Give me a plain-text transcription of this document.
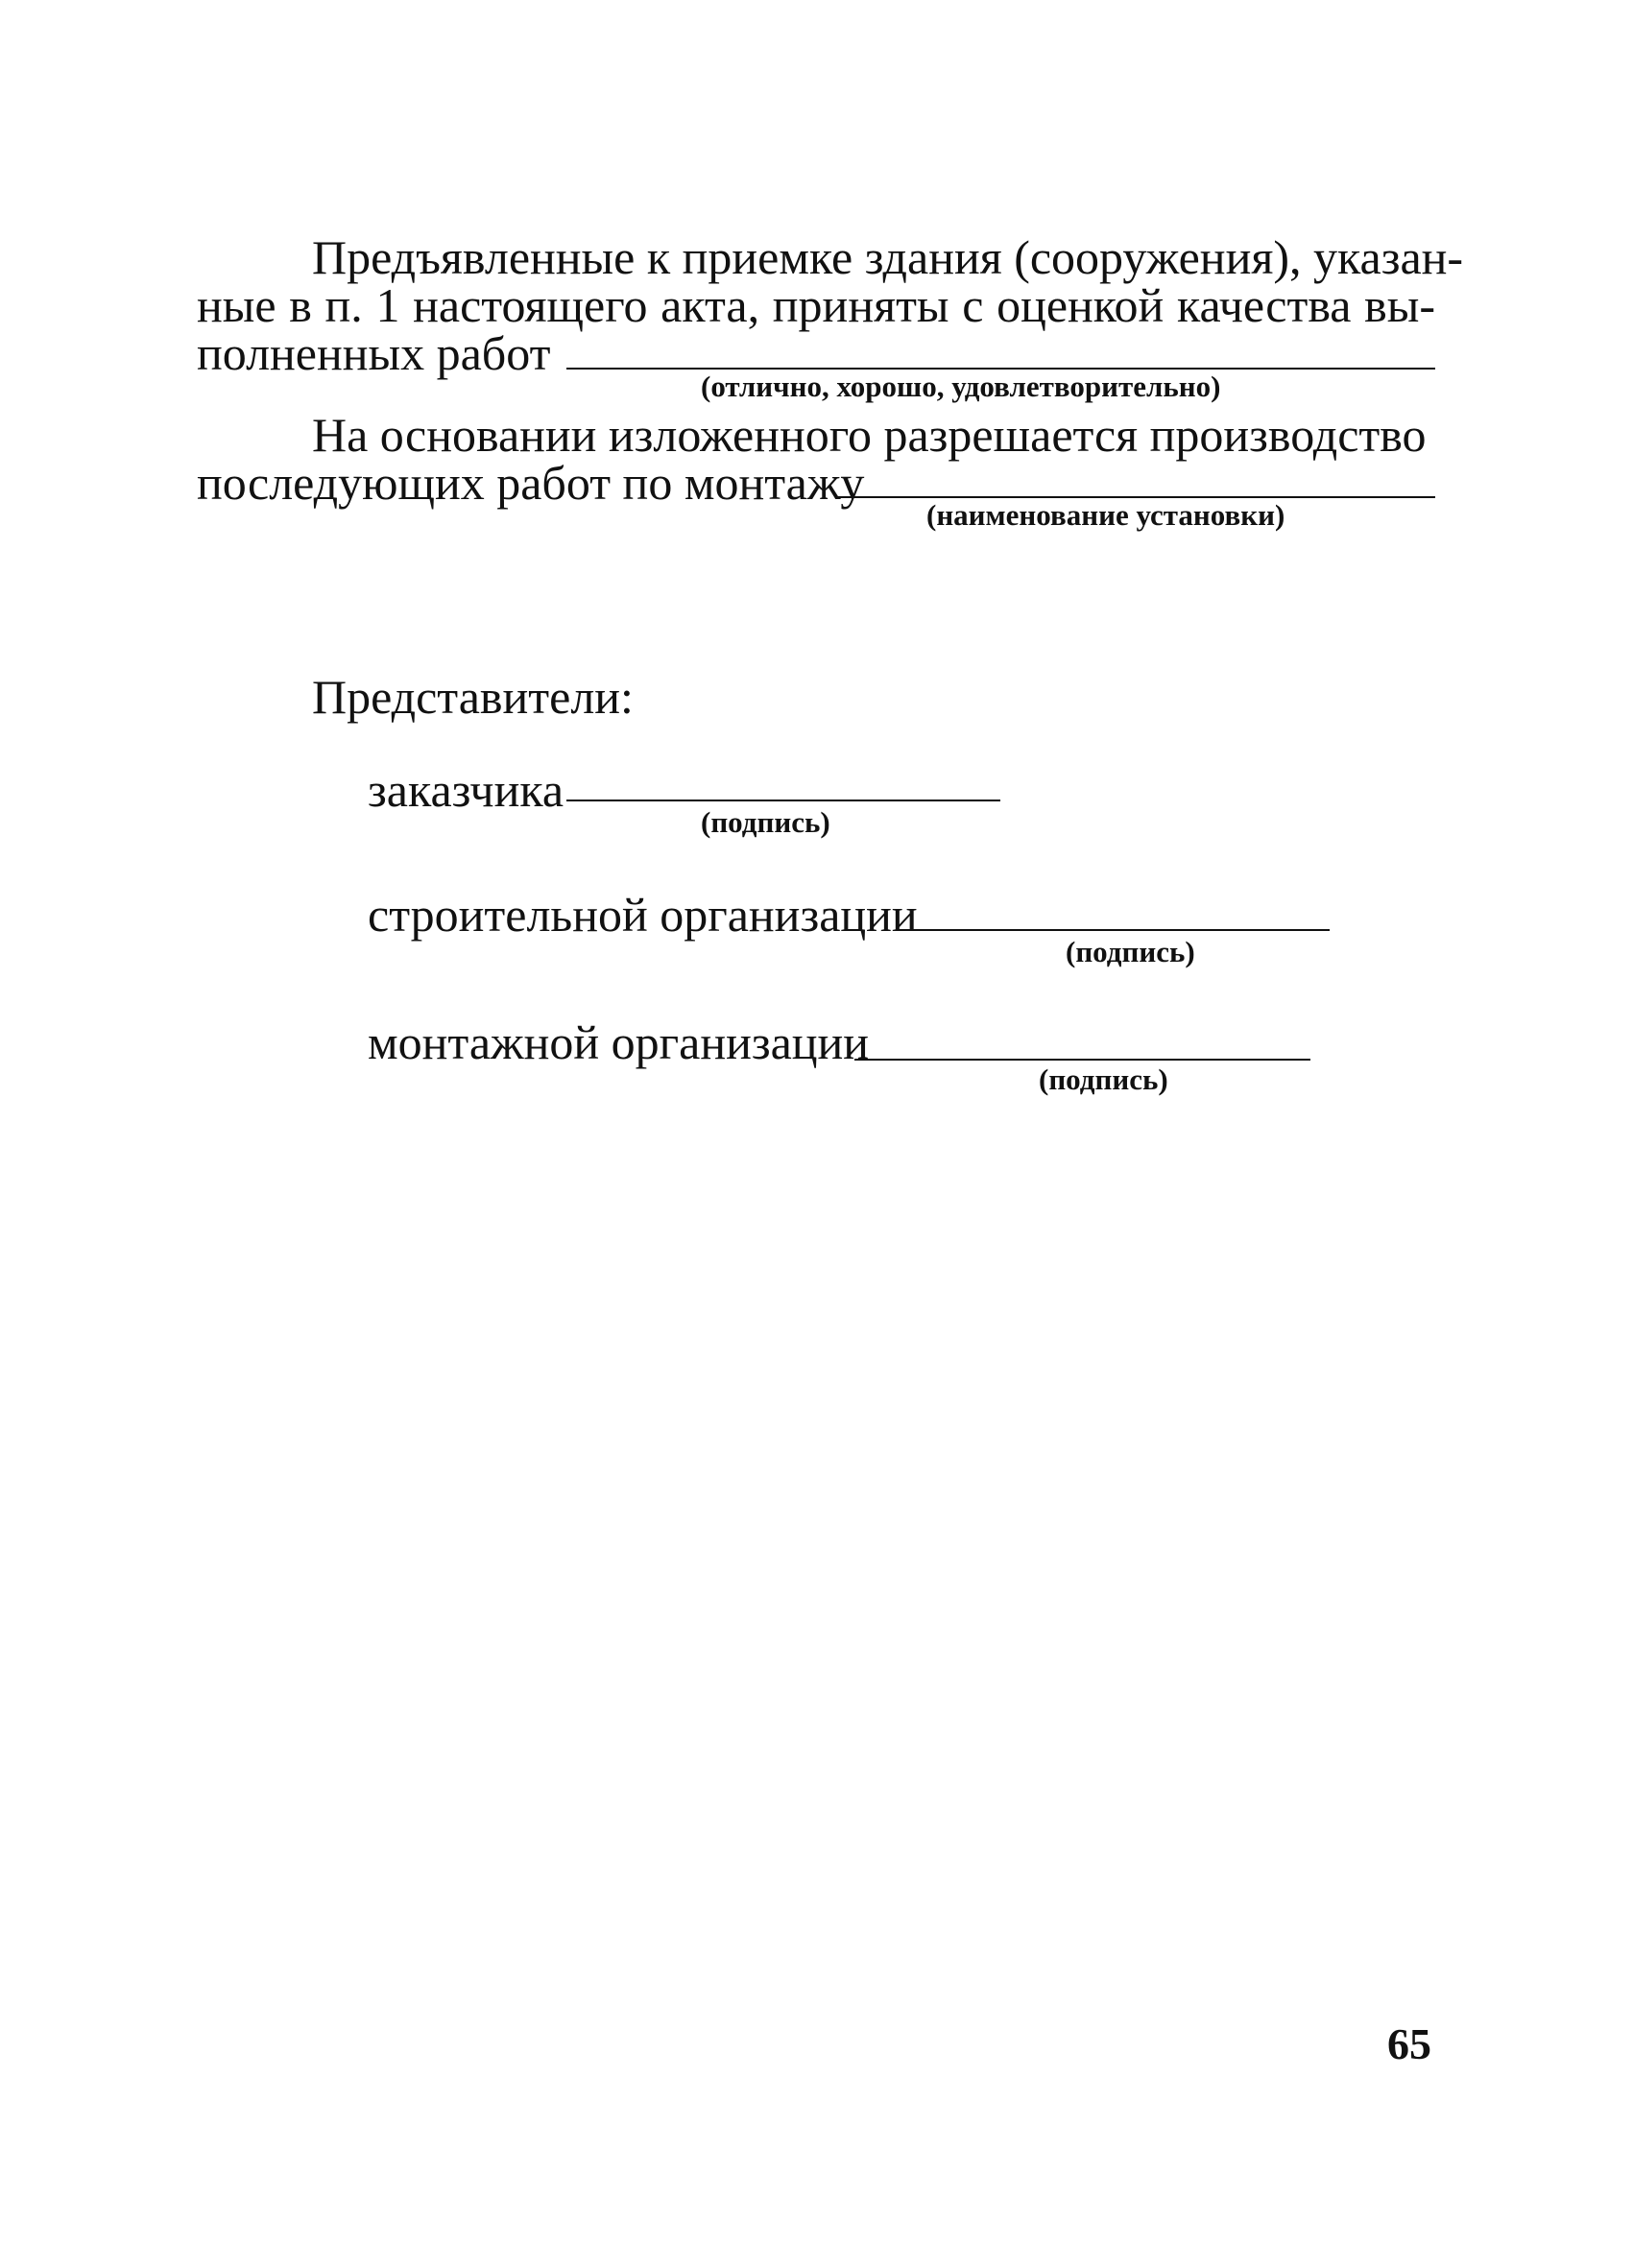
Предъявленные к приемке здания (сооружения), указан-
ные в п. 1 настоящего акта, приняты с оценкой качества вы-
полненных работ
(отлично, хорошо, удовлетворительно)
На основании изложенного разрешается производство
последующих работ по монтажу
(наименование установки)
Представители:
заказчика
(подпись)
строительной организации
(подпись)
монтажной организации
(подпись)
65
